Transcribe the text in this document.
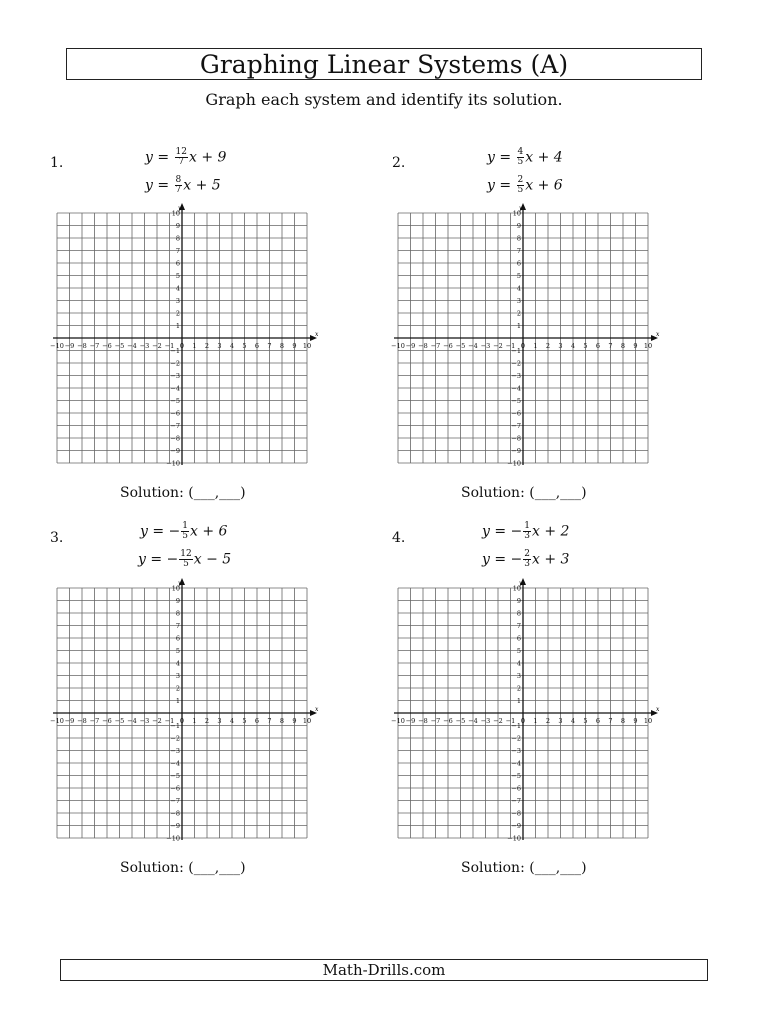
Graphing Linear Systems (A)
Graph each system and identify its solution.
1.	$y = \frac{12}{7}$ x + 9
$y = \frac{8}{7}$ x + 5
x
y
−10
−10
−9
−9
−8
−8
−7
−7
−6
−6
−5
−5
−4
−4
−3
−3
−2
−2
−1
−1
0 1
1
2
2
3
3
4
4
5
5
6
6
7
7
8
8
9
9
10
10
Solution: (___,___)
2.	$y = \frac{4}{5}$ x + 4
$y = \frac{2}{5}$ x + 6
x
y
−10
−10
−9
−9
−8
−8
−7
−7
−6
−6
−5
−5
−4
−4
−3
−3
−2
−2
−1
−1
0 1
1
2
2
3
3
4
4
5
5
6
6
7
7
8
8
9
9
10
10
Solution: (___,___)
3.	y = − $\frac{1}{5}$ x + 6
y = − $\frac{12}{5}$ x − 5
x
y
−10
−10
−9
−9
−8
−8
−7
−7
−6
−6
−5
−5
−4
−4
−3
−3
−2
−2
−1
−1
0 1
1
2
2
3
3
4
4
5
5
6
6
7
7
8
8
9
9
10
10
Solution: (___,___)
4.	y = − $\frac{1}{3}$ x + 2
y = − $\frac{2}{3}$ x + 3
x
y
−10
−10
−9
−9
−8
−8
−7
−7
−6
−6
−5
−5
−4
−4
−3
−3
−2
−2
−1
−1
0 1
1
2
2
3
3
4
4
5
5
6
6
7
7
8
8
9
9
10
10
Solution: (___,___)
Math-Drills.com
